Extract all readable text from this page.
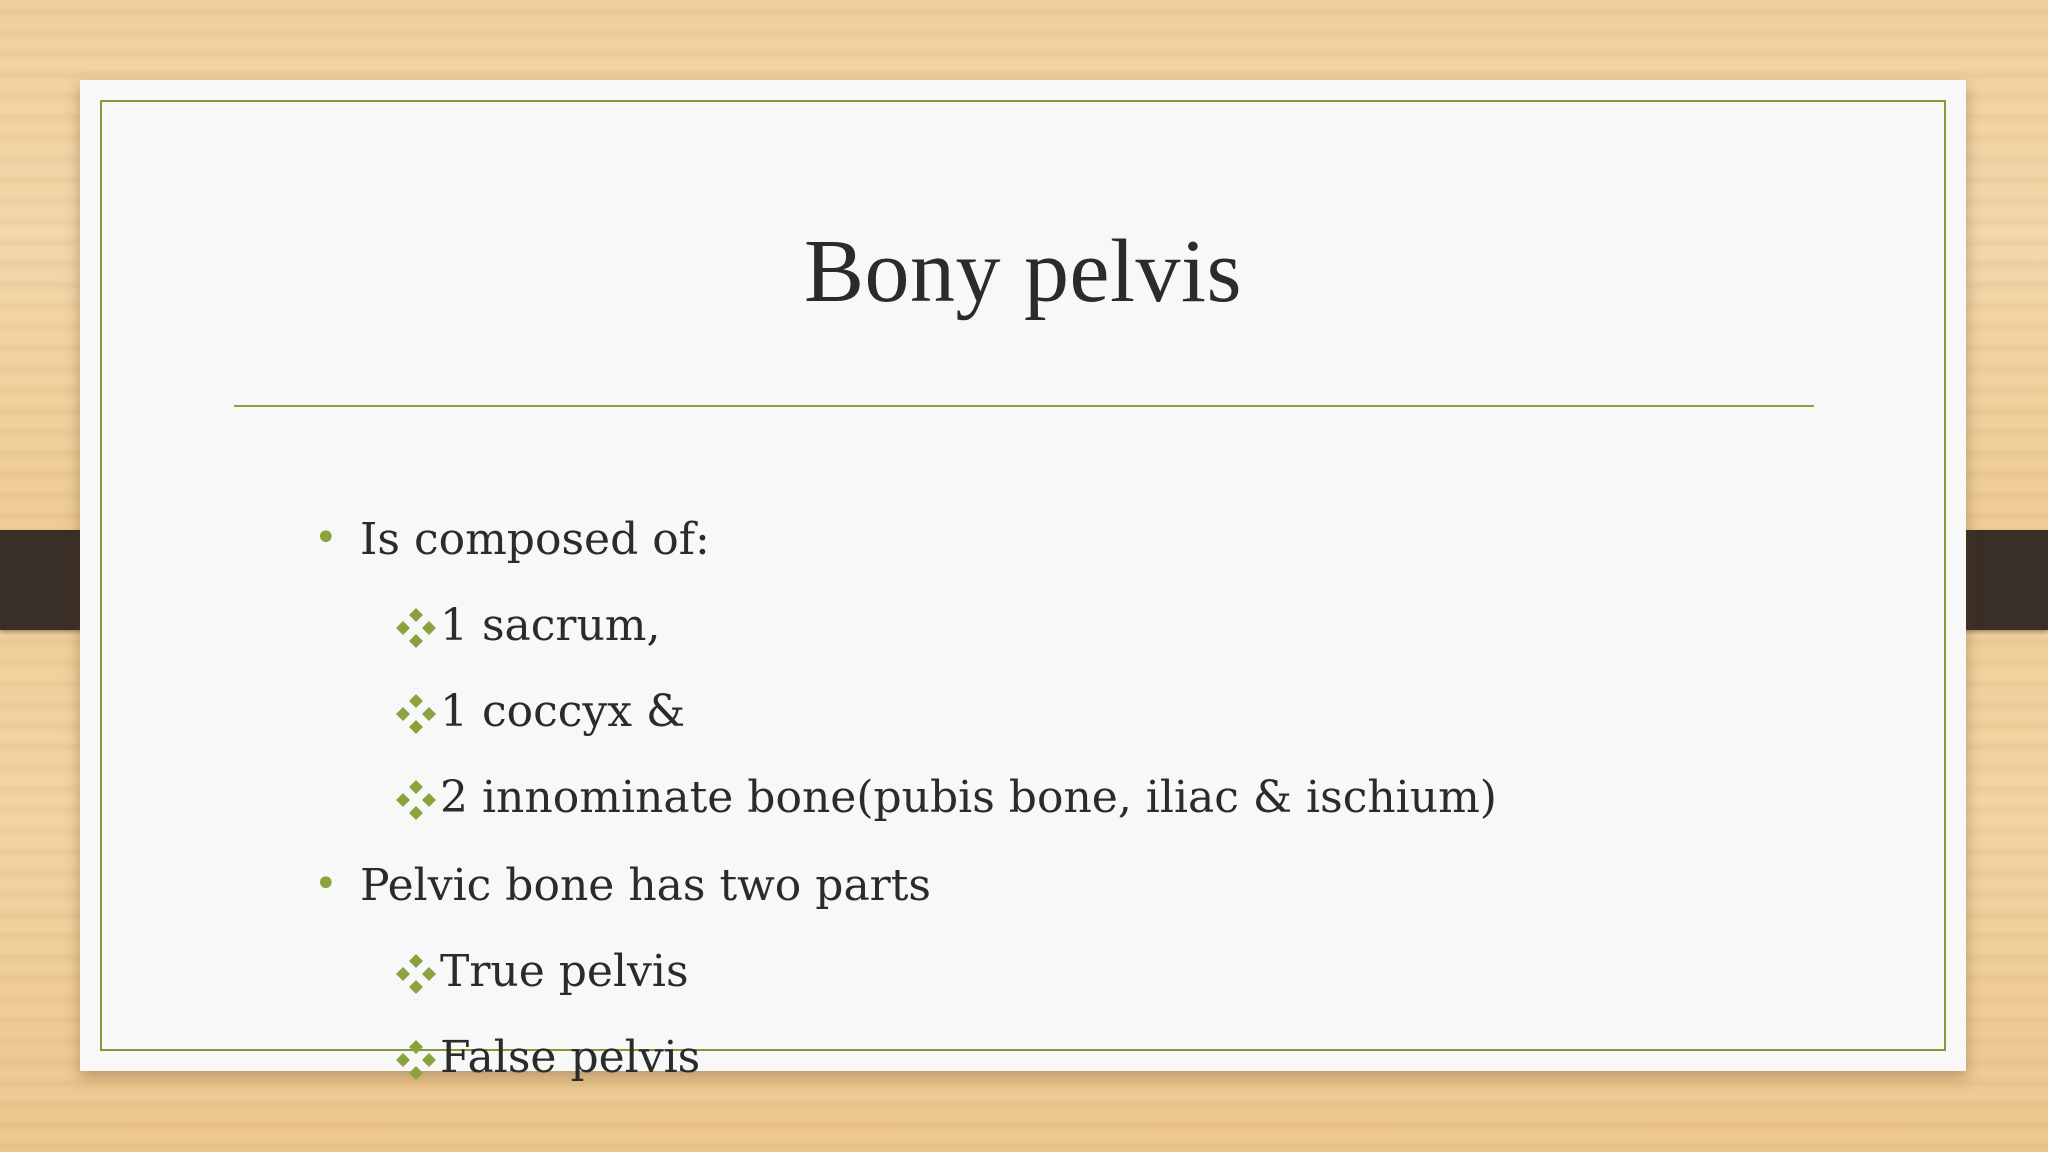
Bony pelvis
• Is composed of:
1 sacrum,
1 coccyx &
2 innominate bone(pubis bone, iliac & ischium)
• Pelvic bone has two parts
True pelvis
False pelvis
